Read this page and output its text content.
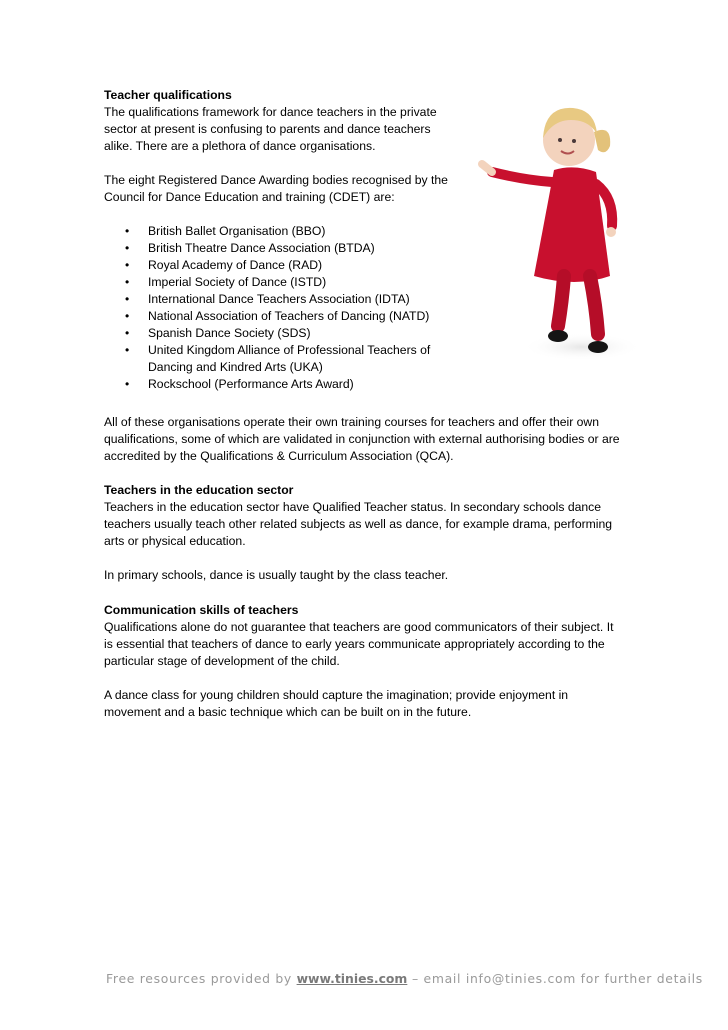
Teacher qualifications

The qualifications framework for dance teachers in the private sector at present is confusing to parents and dance teachers alike. There are a plethora of dance organisations.

The eight Registered Dance Awarding bodies recognised by the Council for Dance Education and training (CDET) are:

• British Ballet Organisation (BBO)
• British Theatre Dance Association (BTDA)
• Royal Academy of Dance (RAD)
• Imperial Society of Dance (ISTD)
• International Dance Teachers Association (IDTA)
• National Association of Teachers of Dancing (NATD)
• Spanish Dance Society (SDS)
• United Kingdom Alliance of Professional Teachers of Dancing and Kindred Arts (UKA)
• Rockschool (Performance Arts Award)

All of these organisations operate their own training courses for teachers and offer their own qualifications, some of which are validated in conjunction with external authorising bodies or are accredited by the Qualifications & Curriculum Association (QCA).

Teachers in the education sector

Teachers in the education sector have Qualified Teacher status. In secondary schools dance teachers usually teach other related subjects as well as dance, for example drama, performing arts or physical education.

In primary schools, dance is usually taught by the class teacher.

Communication skills of teachers

Qualifications alone do not guarantee that teachers are good communicators of their subject. It is essential that teachers of dance to early years communicate appropriately according to the particular stage of development of the child.

A dance class for young children should capture the imagination; provide enjoyment in movement and a basic technique which can be built on in the future.

Free resources provided by www.tinies.com – email info@tinies.com for further details
